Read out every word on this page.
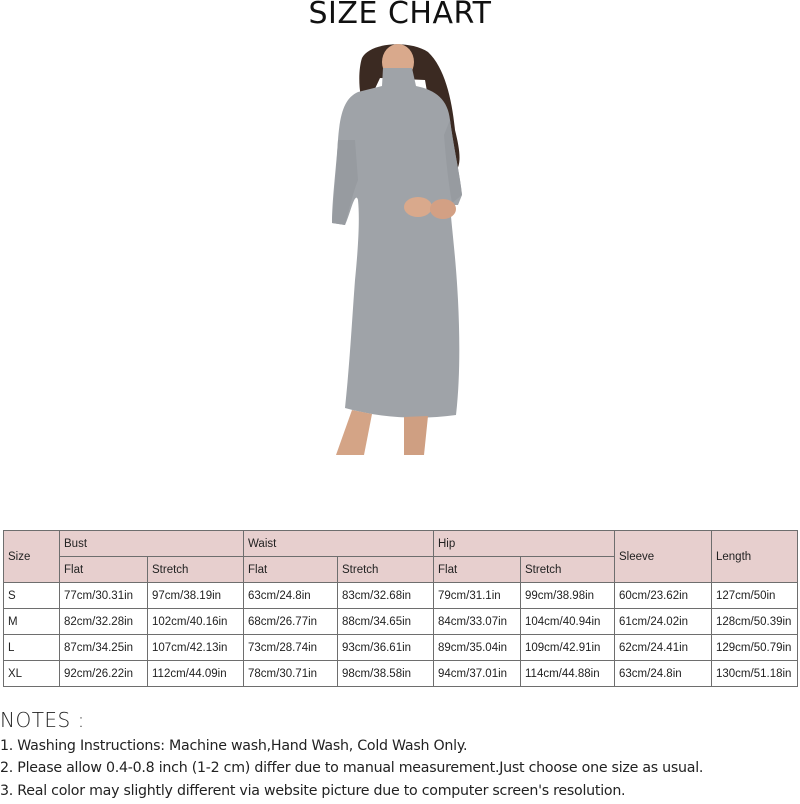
SIZE CHART
Size	Bust		Waist		Hip		Sleeve	Length
	Flat	Stretch	Flat	Stretch	Flat	Stretch		
S	77cm/30.31in	97cm/38.19in	63cm/24.8in	83cm/32.68in	79cm/31.1in	99cm/38.98in	60cm/23.62in	127cm/50in
M	82cm/32.28in	102cm/40.16in	68cm/26.77in	88cm/34.65in	84cm/33.07in	104cm/40.94in	61cm/24.02in	128cm/50.39in
L	87cm/34.25in	107cm/42.13in	73cm/28.74in	93cm/36.61in	89cm/35.04in	109cm/42.91in	62cm/24.41in	129cm/50.79in
XL	92cm/26.22in	112cm/44.09in	78cm/30.71in	98cm/38.58in	94cm/37.01in	114cm/44.88in	63cm/24.8in	130cm/51.18in
NOTES :
1. Washing Instructions: Machine wash,Hand Wash, Cold Wash Only.
2. Please allow 0.4-0.8 inch (1-2 cm) differ due to manual measurement.Just choose one size as usual.
3. Real color may slightly different via website picture due to computer screen's resolution.
